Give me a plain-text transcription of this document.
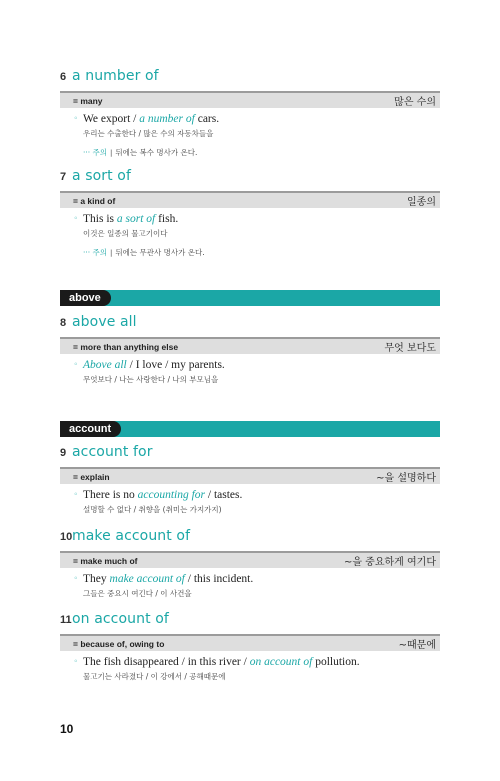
6 a number of
= many	많은 수의
◦ We export / a number of cars.
우리는 수출한다 / 많은 수의 자동차들을
··· 주의 | 뒤에는 복수 명사가 온다.
7 a sort of
= a kind of	일종의
◦ This is a sort of fish.
이것은 일종의 물고기이다
··· 주의 | 뒤에는 무관사 명사가 온다.
above
8 above all
= more than anything else	무엇 보다도
◦ Above all / I love / my parents.
무엇보다 / 나는 사랑한다 / 나의 부모님을
account
9 account for
= explain	~을 설명하다
◦ There is no accounting for / tastes.
설명할 수 없다 / 취향을 (취미는 가지가지)
10 make account of
= make much of	~을 중요하게 여기다
◦ They make account of / this incident.
그들은 중요시 여긴다 / 이 사건을
11 on account of
= because of, owing to	~때문에
◦ The fish disappeared / in this river / on account of pollution.
물고기는 사라졌다 / 이 강에서 / 공해때문에
10
